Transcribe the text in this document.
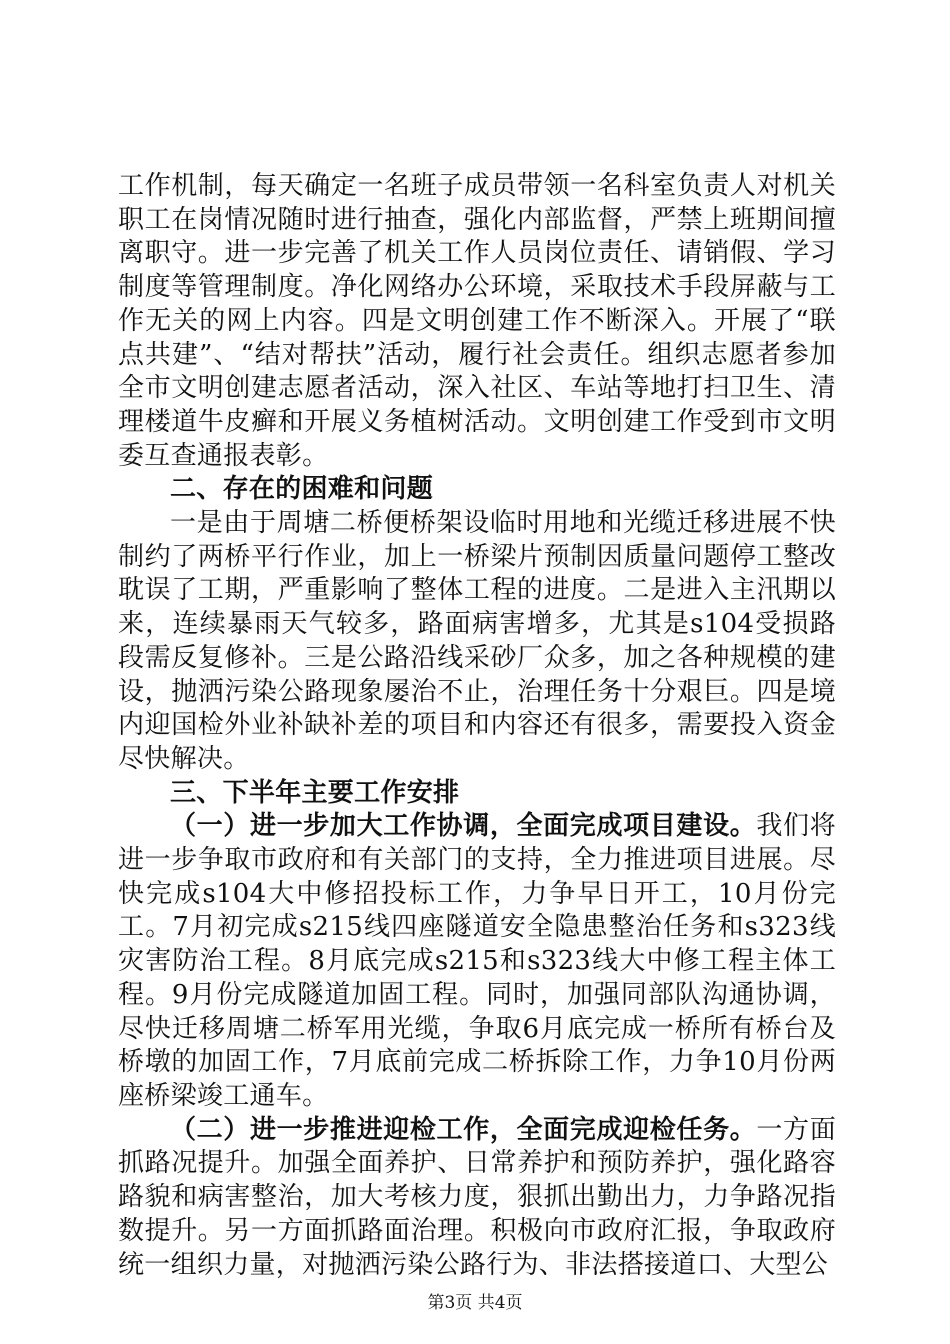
工作机制，每天确定一名班子成员带领一名科室负责人对机关职工在岗情况随时进行抽查，强化内部监督，严禁上班期间擅离职守。进一步完善了机关工作人员岗位责任、请销假、学习制度等管理制度。净化网络办公环境，采取技术手段屏蔽与工作无关的网上内容。四是文明创建工作不断深入。开展了“联点共建”、“结对帮扶”活动，履行社会责任。组织志愿者参加全市文明创建志愿者活动，深入社区、车站等地打扫卫生、清理楼道牛皮癣和开展义务植树活动。文明创建工作受到市文明委互查通报表彰。

二、存在的困难和问题

一是由于周塘二桥便桥架设临时用地和光缆迁移进展不快制约了两桥平行作业，加上一桥梁片预制因质量问题停工整改耽误了工期，严重影响了整体工程的进度。二是进入主汛期以来，连续暴雨天气较多，路面病害增多，尤其是s104受损路段需反复修补。三是公路沿线采砂厂众多，加之各种规模的建设，抛洒污染公路现象屡治不止，治理任务十分艰巨。四是境内迎国检外业补缺补差的项目和内容还有很多，需要投入资金尽快解决。

三、下半年主要工作安排

（一）进一步加大工作协调，全面完成项目建设。我们将进一步争取市政府和有关部门的支持，全力推进项目进展。尽快完成s104大中修招投标工作，力争早日开工，10月份完工。7月初完成s215线四座隧道安全隐患整治任务和s323线灾害防治工程。8月底完成s215和s323线大中修工程主体工程。9月份完成隧道加固工程。同时，加强同部队沟通协调，尽快迁移周塘二桥军用光缆，争取6月底完成一桥所有桥台及桥墩的加固工作，7月底前完成二桥拆除工作，力争10月份两座桥梁竣工通车。

（二）进一步推进迎检工作，全面完成迎检任务。一方面抓路况提升。加强全面养护、日常养护和预防养护，强化路容路貌和病害整治，加大考核力度，狠抓出勤出力，力争路况指数提升。另一方面抓路面治理。积极向市政府汇报，争取政府统一组织力量，对抛洒污染公路行为、非法搭接道口、大型公

第3页 共4页
